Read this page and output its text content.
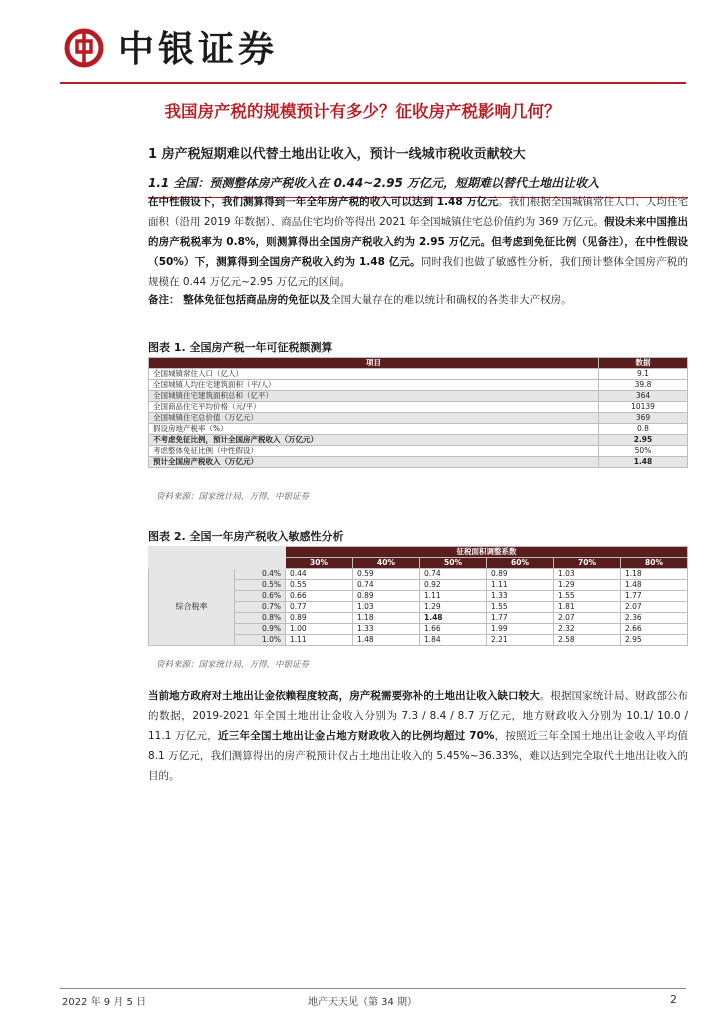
中银证券
我国房产税的规模预计有多少？征收房产税影响几何？
1 房产税短期难以代替土地出让收入，预计一线城市税收贡献较大
1.1 全国：预测整体房产税收入在 0.44~2.95 万亿元，短期难以替代土地出让收入
在中性假设下，我们测算得到一年全年房产税的收入可以达到 1.48 万亿元。我们根据全国城镇常住人口、人均住宅面积（沿用 2019 年数据）、商品住宅均价等得出 2021 年全国城镇住宅总价值约为 369 万亿元。假设未来中国推出的房产税税率为 0.8%，则测算得出全国房产税收入约为 2.95 万亿元。但考虑到免征比例（见备注），在中性假设（50%）下，测算得到全国房产税收入约为 1.48 亿元。同时我们也做了敏感性分析，我们预计整体全国房产税的规模在 0.44 万亿元~2.95 万亿元的区间。
备注： 整体免征包括商品房的免征以及全国大量存在的难以统计和确权的各类非大产权房。
图表 1. 全国房产税一年可征税额测算
项目	数据
全国城镇常住人口（亿人）	9.1
全国城镇人均住宅建筑面积（平/人）	39.8
全国城镇住宅建筑面积总和（亿平）	364
全国商品住宅平均价格（元/平）	10139
全国城镇住宅总价值（万亿元）	369
假设房地产税率（%）	0.8
不考虑免征比例，预计全国房产税收入（万亿元）	2.95
考虑整体免征比例（中性假设）	50%
预计全国房产税收入（万亿元）	1.48
资料来源：国家统计局，万得，中银证券
图表 2. 全国一年房产税收入敏感性分析
		征税面积调整系数					
		30%	40%	50%	60%	70%	80%
综合税率	0.4%	0.44	0.59	0.74	0.89	1.03	1.18
	0.5%	0.55	0.74	0.92	1.11	1.29	1.48
	0.6%	0.66	0.89	1.11	1.33	1.55	1.77
	0.7%	0.77	1.03	1.29	1.55	1.81	2.07
	0.8%	0.89	1.18	1.48	1.77	2.07	2.36
	0.9%	1.00	1.33	1.66	1.99	2.32	2.66
	1.0%	1.11	1.48	1.84	2.21	2.58	2.95
资料来源：国家统计局，万得，中银证券
当前地方政府对土地出让金依赖程度较高，房产税需要弥补的土地出让收入缺口较大。根据国家统计局、财政部公布的数据，2019-2021 年全国土地出让金收入分别为 7.3 / 8.4 / 8.7 万亿元，地方财政收入分别为 10.1/ 10.0 / 11.1 万亿元，近三年全国土地出让金占地方财政收入的比例均超过 70%，按照近三年全国土地出让金收入平均值 8.1 万亿元，我们测算得出的房产税预计仅占土地出让收入的 5.45%~36.33%，难以达到完全取代土地出让收入的目的。
2022 年 9 月 5 日	地产天天见（第 34 期）	2
